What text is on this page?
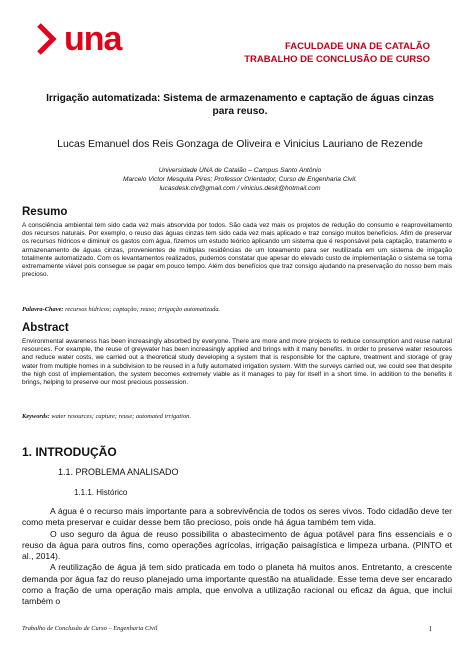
una	FACULDADE UNA DE CATALÃO
TRABALHO DE CONCLUSÃO DE CURSO
Irrigação automatizada: Sistema de armazenamento e captação de águas cinzas para reuso.
Lucas Emanuel dos Reis Gonzaga de Oliveira e Vinicius Lauriano de Rezende
Universidade UNA de Catalão – Campus Santo Antônio
Marcelo Victor Mesquita Pires; Professor Orientador, Curso de Engenharia Civil.
lucasdesk.clv@gmail.com / vinicius.desk@hotmail.com
Resumo
A consciência ambiental tem sido cada vez mais absorvida por todos. São cada vez mais os projetos de redução do consumo e reaproveitamento dos recursos naturais. Por exemplo, o reuso das águas cinzas tem sido cada vez mais aplicado e traz consigo muitos benefícios. Afim de preservar os recursos hídricos e diminuir os gastos com água, fizemos um estudo teórico aplicando um sistema que é responsável pela captação, tratamento e armazenamento de águas cinzas, provenientes de múltiplas residências de um loteamento para ser reutilizada em um sistema de irrigação totalmente automatizado. Com os levantamentos realizados, pudemos constatar que apesar do elevado custo de implementação o sistema se torna extremamente viável pois consegue se pagar em pouco tempo. Além dos benefícios que traz consigo ajudando na preservação do nosso bem mais precioso.
Palavra-Chave: recursos hídricos; captação; reuso; irrigação automatizada.
Abstract
Environmental awareness has been increasingly absorbed by everyone. There are more and more projects to reduce consumption and reuse natural resources. For example, the reuse of greywater has been increasingly applied and brings with it many benefits. In order to preserve water resources and reduce water costs, we carried out a theoretical study developing a system that is responsible for the capture, treatment and storage of gray water from multiple homes in a subdivision to be reused in a fully automated irrigation system. With the surveys carried out, we could see that despite the high cost of implementation, the system becomes extremely viable as it manages to pay for itself in a short time. In addition to the benefits it brings, helping to preserve our most precious possession.
Keywords: water resources; capture; reuse; automated irrigation.
1. INTRODUÇÃO
1.1. PROBLEMA ANALISADO
1.1.1. Histórico

A água é o recurso mais importante para a sobrevivência de todos os seres vivos. Todo cidadão deve ter como meta preservar e cuidar desse bem tão precioso, pois onde há água também tem vida.

O uso seguro da água de reuso possibilita o abastecimento de água potável para fins essenciais e o reuso da água para outros fins, como operações agrícolas, irrigação paisagística e limpeza urbana. (PINTO et al., 2014).

A reutilização de água já tem sido praticada em todo o planeta há muitos anos. Entretanto, a crescente demanda por água faz do reuso planejado uma importante questão na atualidade. Esse tema deve ser encarado como a fração de uma operação mais ampla, que envolva a utilização racional ou eficaz da água, que inclui também o

Trabalho de Conclusão de Curso – Engenharia Civil	1
